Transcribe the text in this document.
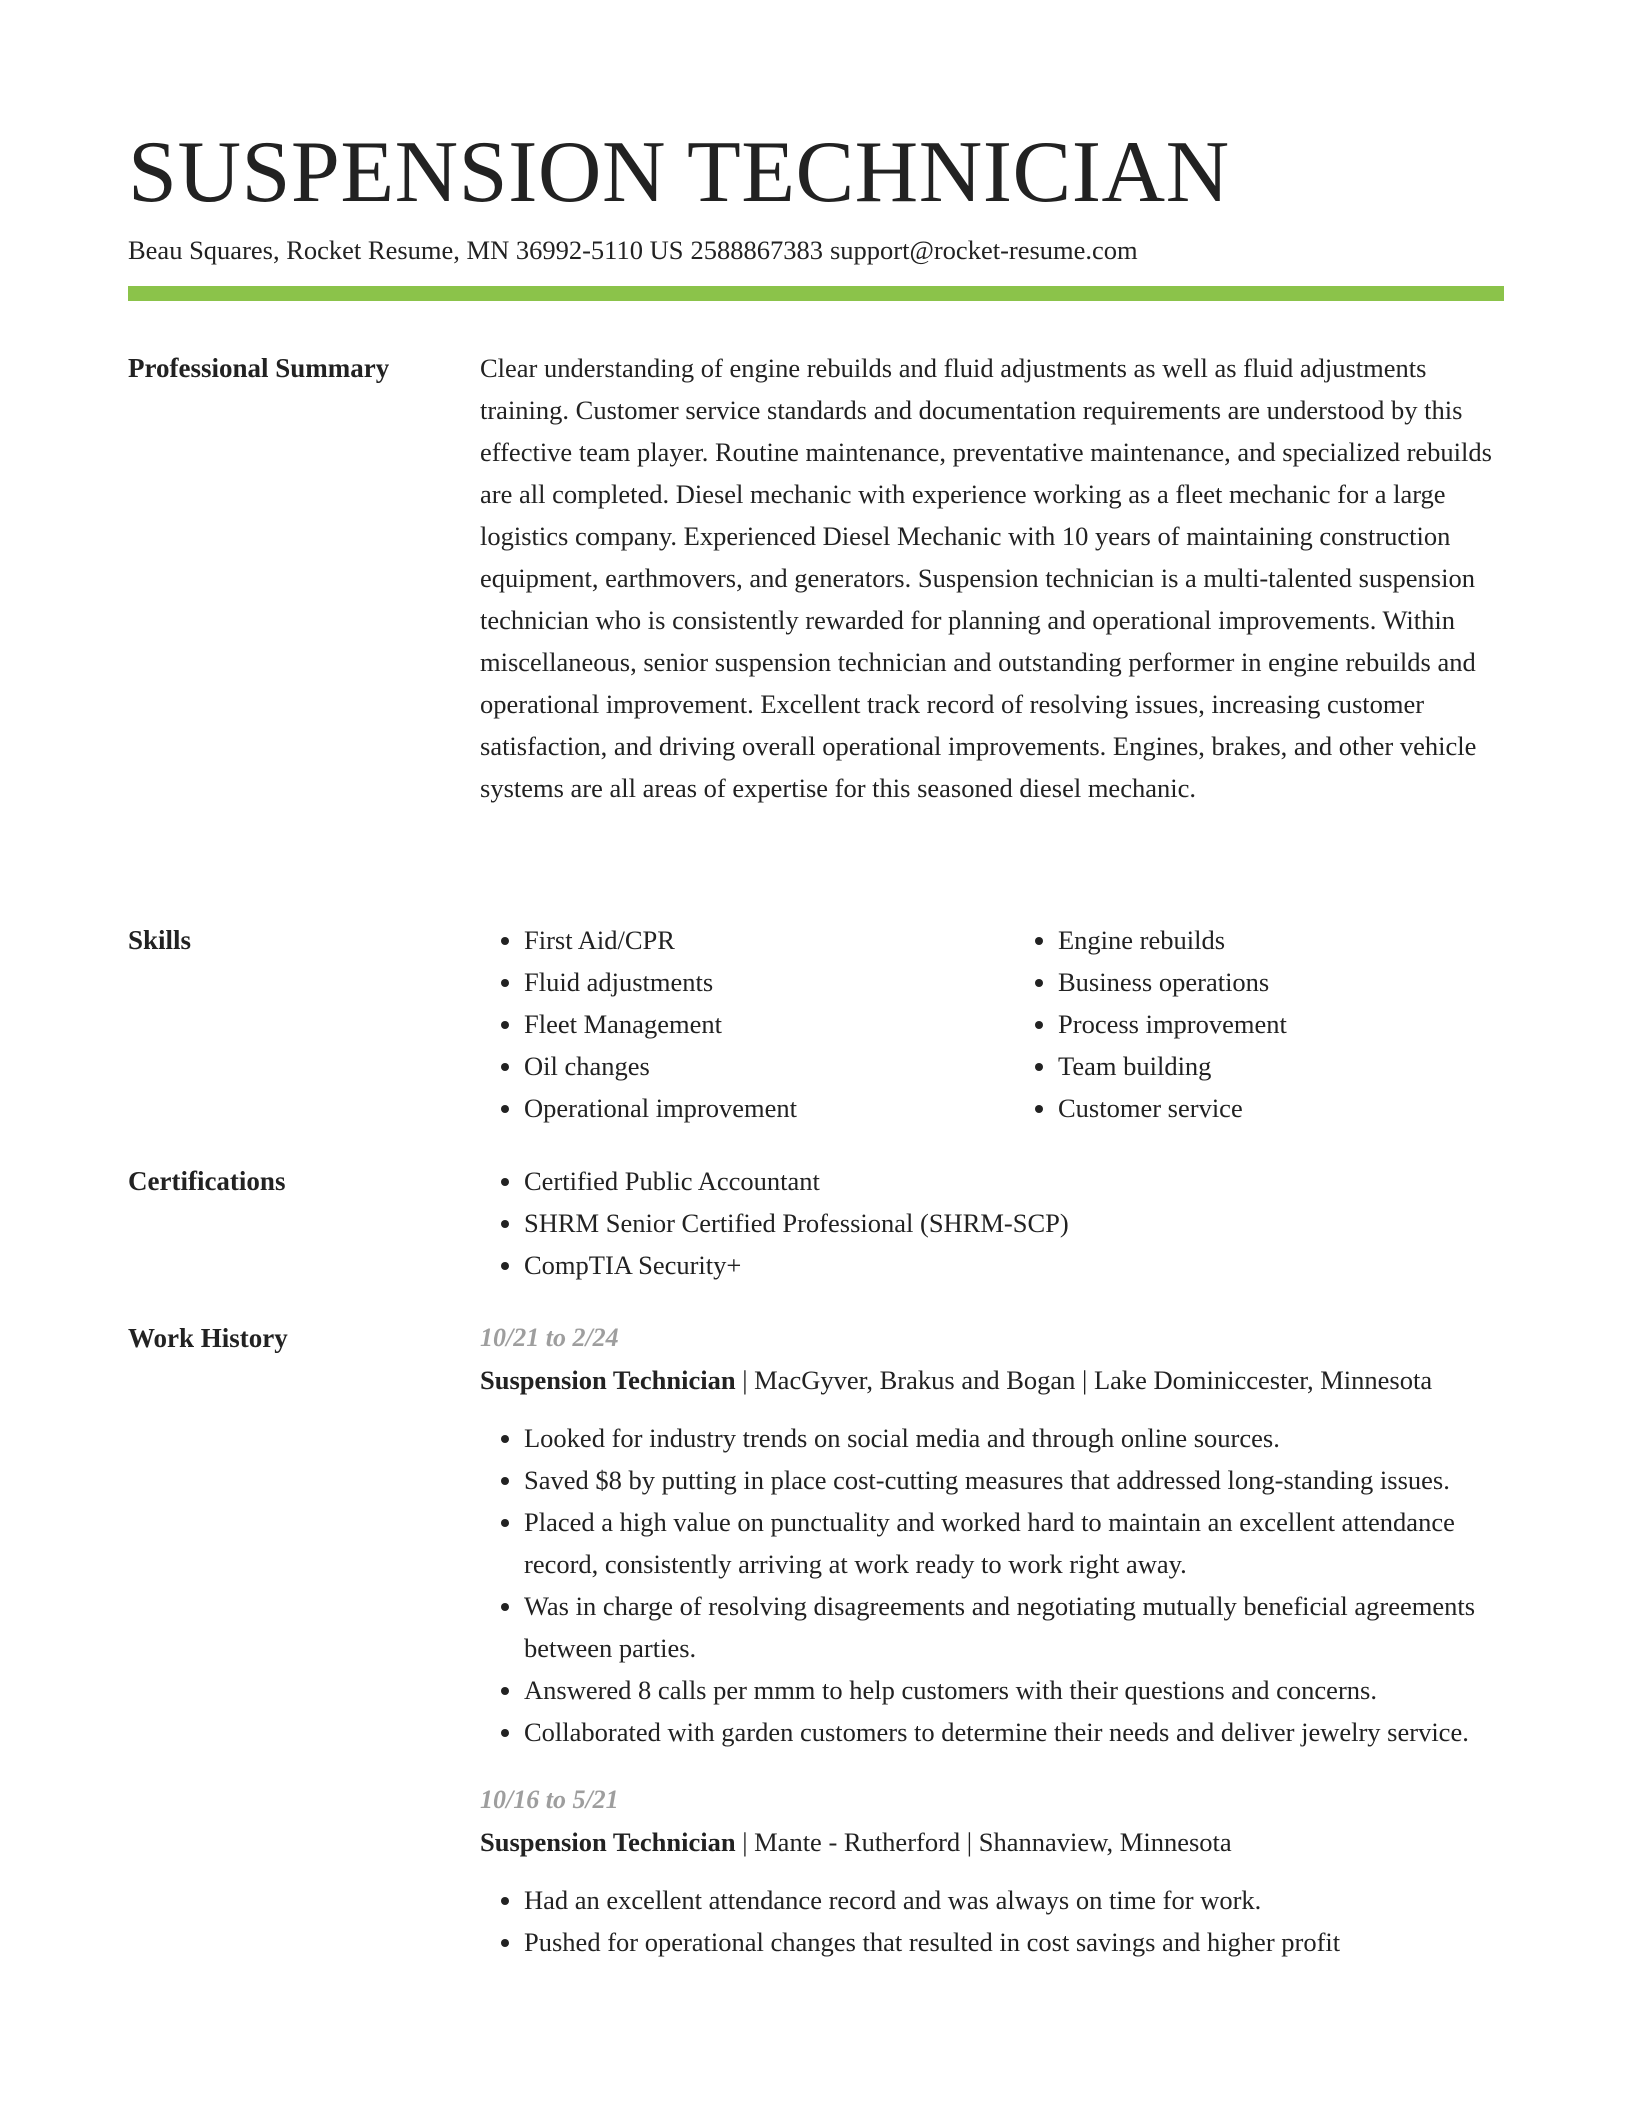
SUSPENSION TECHNICIAN
Beau Squares, Rocket Resume, MN 36992-5110 US 2588867383 support@rocket-resume.com
Professional Summary	Clear understanding of engine rebuilds and fluid adjustments as well as fluid adjustments training. Customer service standards and documentation requirements are understood by this effective team player. Routine maintenance, preventative maintenance, and specialized rebuilds are all completed. Diesel mechanic with experience working as a fleet mechanic for a large logistics company. Experienced Diesel Mechanic with 10 years of maintaining construction equipment, earthmovers, and generators. Suspension technician is a multi-talented suspension technician who is consistently rewarded for planning and operational improvements. Within miscellaneous, senior suspension technician and outstanding performer in engine rebuilds and operational improvement. Excellent track record of resolving issues, increasing customer satisfaction, and driving overall operational improvements. Engines, brakes, and other vehicle systems are all areas of expertise for this seasoned diesel mechanic.

Skills	• First Aid/CPR
• Fluid adjustments
• Fleet Management
• Oil changes
• Operational improvement
• Engine rebuilds
• Business operations
• Process improvement
• Team building
• Customer service
Certifications	• Certified Public Accountant
• SHRM Senior Certified Professional (SHRM-SCP)
• CompTIA Security+
Work History	10/21 to 2/24
Suspension Technician | MacGyver, Brakus and Bogan | Lake Dominiccester, Minnesota
• Looked for industry trends on social media and through online sources.
• Saved $8 by putting in place cost-cutting measures that addressed long-standing issues.
• Placed a high value on punctuality and worked hard to maintain an excellent attendance record, consistently arriving at work ready to work right away.
• Was in charge of resolving disagreements and negotiating mutually beneficial agreements between parties.
• Answered 8 calls per mmm to help customers with their questions and concerns.
• Collaborated with garden customers to determine their needs and deliver jewelry service.
10/16 to 5/21
Suspension Technician | Mante - Rutherford | Shannaview, Minnesota
• Had an excellent attendance record and was always on time for work.
• Pushed for operational changes that resulted in cost savings and higher profit
